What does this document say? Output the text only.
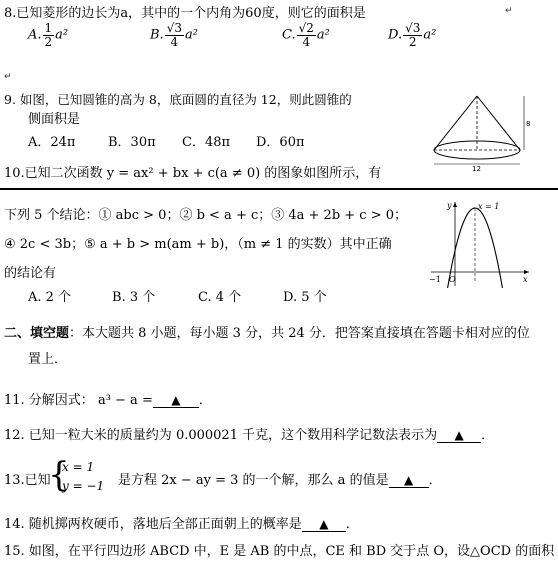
8.已知菱形的边长为a，其中的一个内角为60度，则它的面积是	↵
A. $\frac{1}{2} a^2$	B. $\frac{√3}{4} a^2$	C. $\frac{√2}{4} a^2$	D. $\frac{√3}{2} a^2$
↵
9. 如图，已知圆锥的高为 8，底面圆的直径为 12，则此圆锥的
侧面积是
A．24π	B．30π C．48π D．60π
8
12
10.已知二次函数 y = ax² + bx + c(a ≠ 0) 的图象如图所示，有
下列 5 个结论：① abc > 0；② b < a + c；③ 4a + 2b + c > 0；
④ 2c < 3b；⑤ a + b > m(am + b)，（m ≠ 1 的实数）其中正确
的结论有
A. 2 个	B. 3 个	C. 4 个	D. 5 个
x = 1
y
x
−1 O
二、填空题：本大题共 8 小题，每小题 3 分，共 24 分．把答案直接填在答题卡相对应的位
置上．
11. 分解因式： a³ − a = ▲ ．
12. 已知一粒大米的质量约为 0.000021 千克，这个数用科学记数法表示为 ▲ ．
13.已知
{
x = 1
y = −1 是方程 2x − ay = 3 的一个解，那么 a 的值是 ▲ ．
14. 随机掷两枚硬币，落地后全部正面朝上的概率是 ▲ ．
15. 如图，在平行四边形 ABCD 中，E 是 AB 的中点，CE 和 BD 交于点 O，设△OCD 的面积
